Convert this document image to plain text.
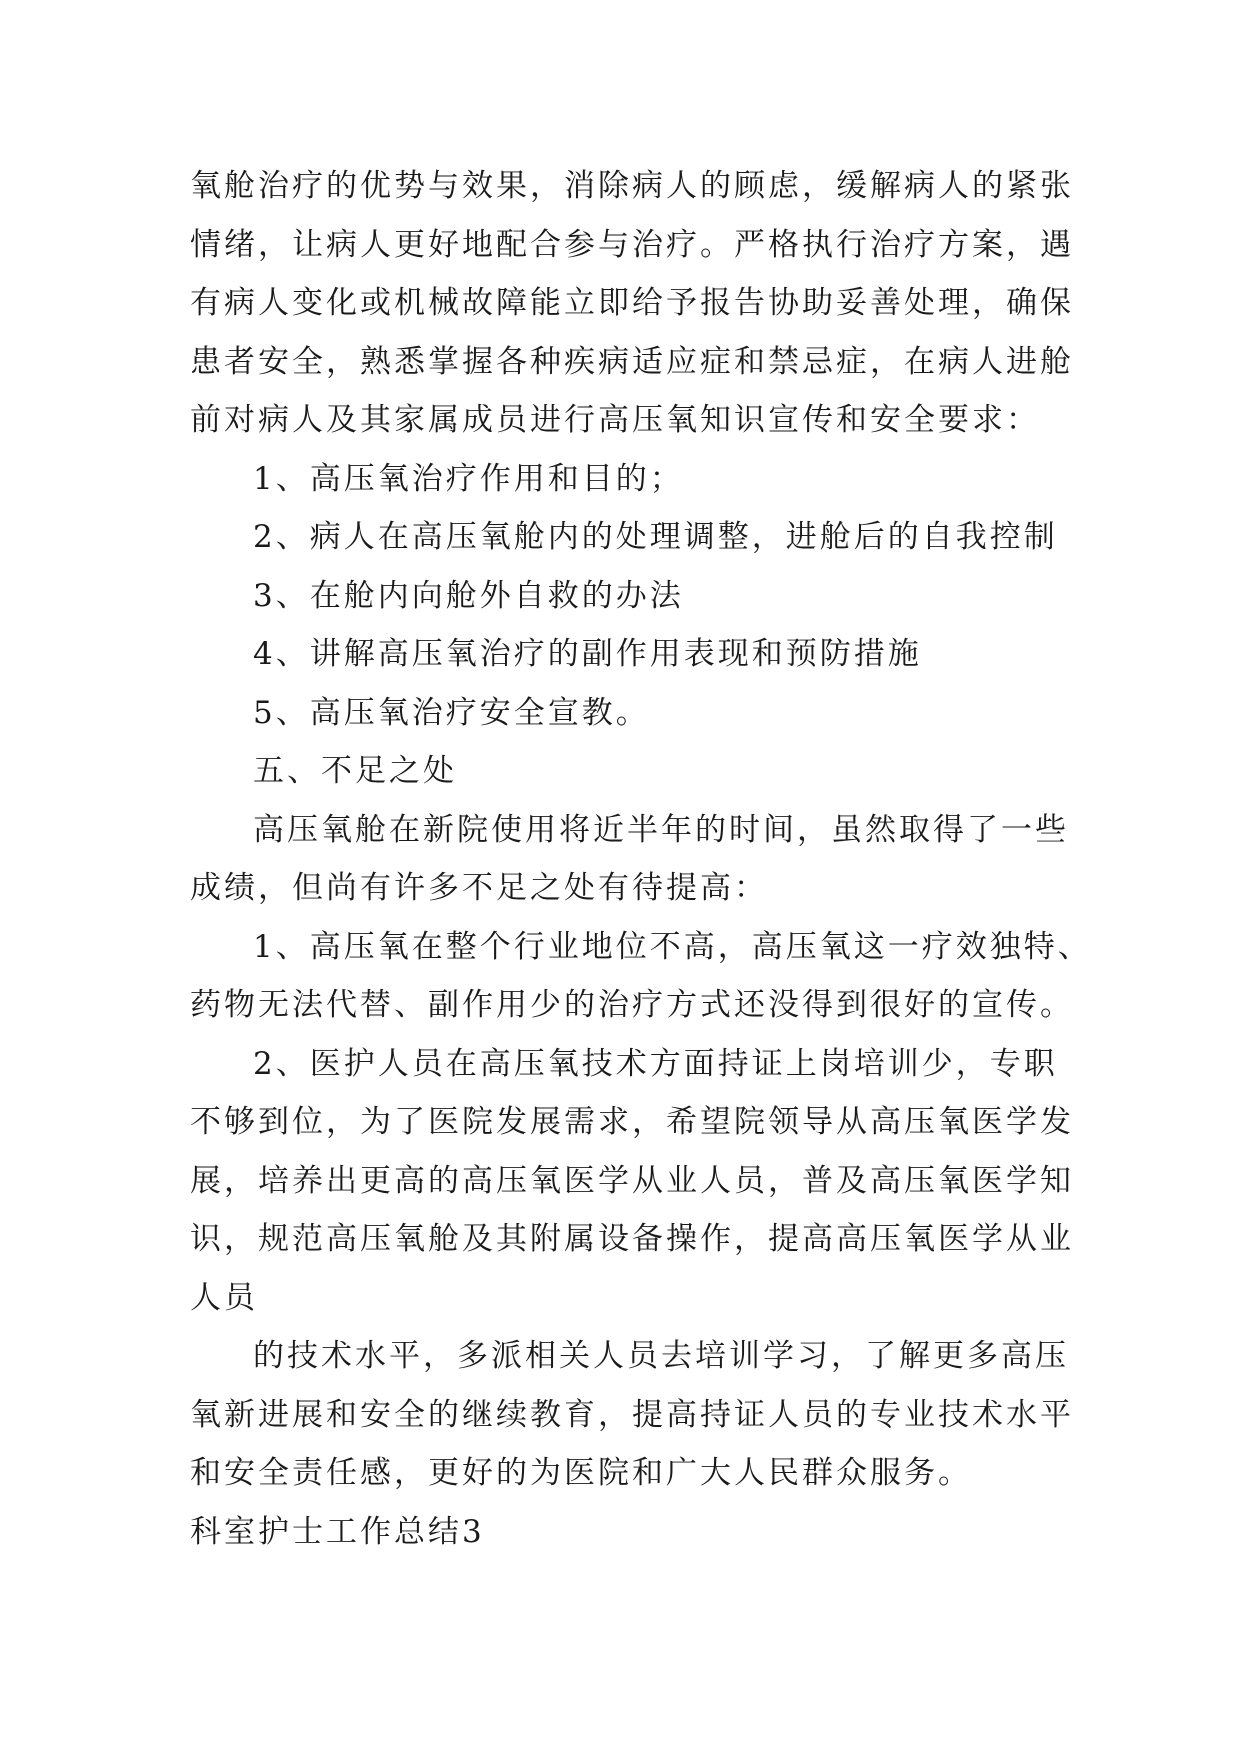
氧舱治疗的优势与效果，消除病人的顾虑，缓解病人的紧张
情绪，让病人更好地配合参与治疗。严格执行治疗方案，遇
有病人变化或机械故障能立即给予报告协助妥善处理，确保
患者安全，熟悉掌握各种疾病适应症和禁忌症，在病人进舱
前对病人及其家属成员进行高压氧知识宣传和安全要求：
1、高压氧治疗作用和目的；
2、病人在高压氧舱内的处理调整，进舱后的自我控制
3、在舱内向舱外自救的办法
4、讲解高压氧治疗的副作用表现和预防措施
5、高压氧治疗安全宣教。
五、不足之处
高压氧舱在新院使用将近半年的时间，虽然取得了一些
成绩，但尚有许多不足之处有待提高：
1、高压氧在整个行业地位不高，高压氧这一疗效独特、
药物无法代替、副作用少的治疗方式还没得到很好的宣传。
2、医护人员在高压氧技术方面持证上岗培训少，专职
不够到位，为了医院发展需求，希望院领导从高压氧医学发
展，培养出更高的高压氧医学从业人员，普及高压氧医学知
识，规范高压氧舱及其附属设备操作，提高高压氧医学从业
人员
的技术水平，多派相关人员去培训学习，了解更多高压
氧新进展和安全的继续教育，提高持证人员的专业技术水平
和安全责任感，更好的为医院和广大人民群众服务。
科室护士工作总结3
